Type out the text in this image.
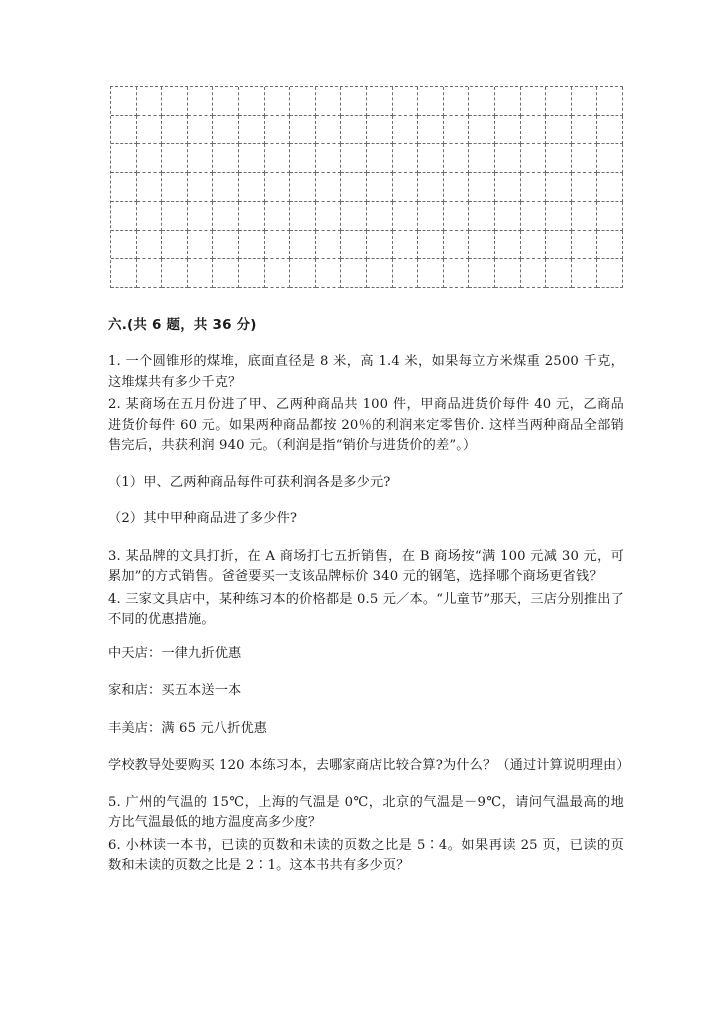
六.(共 6 题，共 36 分)

1. 一个圆锥形的煤堆，底面直径是 8 米，高 1.4 米，如果每立方米煤重 2500 千克，这堆煤共有多少千克？

2. 某商场在五月份进了甲、乙两种商品共 100 件，甲商品进货价每件 40 元，乙商品进货价每件 60 元。如果两种商品都按 20％的利润来定零售价. 这样当两种商品全部销售完后，共获利润 940 元。（利润是指“销价与进货价的差”。）

（1）甲、乙两种商品每件可获利润各是多少元?

（2）其中甲种商品进了多少件?

3. 某品牌的文具打折，在 A 商场打七五折销售，在 B 商场按“满 100 元减 30 元，可累加”的方式销售。爸爸要买一支该品牌标价 340 元的钢笔，选择哪个商场更省钱？

4. 三家文具店中，某种练习本的价格都是 0.5 元／本。“儿童节”那天，三店分别推出了不同的优惠措施。

中天店：一律九折优惠

家和店：买五本送一本

丰美店：满 65 元八折优惠

学校教导处要购买 120 本练习本，去哪家商店比较合算?为什么？（通过计算说明理由）

5. 广州的气温的 15℃，上海的气温是 0℃，北京的气温是－9℃，请问气温最高的地方比气温最低的地方温度高多少度？

6. 小林读一本书，已读的页数和未读的页数之比是 5∶4。如果再读 25 页，已读的页数和未读的页数之比是 2∶1。这本书共有多少页？
